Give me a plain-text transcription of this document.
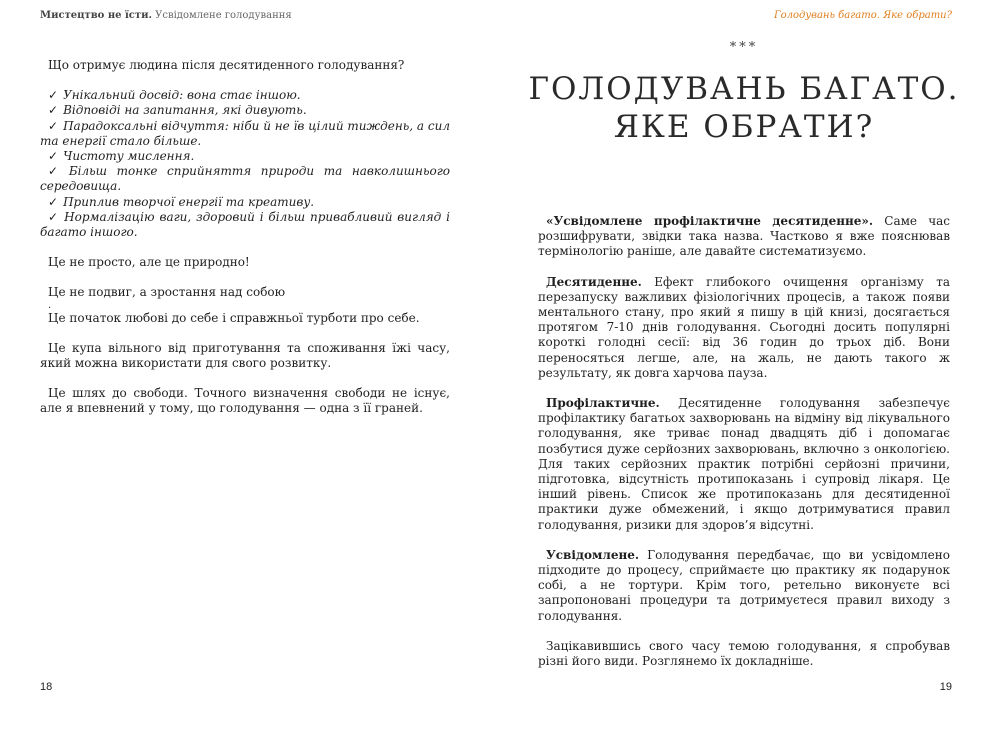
Мистецтво не їсти. Усвідомлене голодування

Що отримує людина після десятиденного голодування?

✓ Унікальний досвід: вона стає іншою.
✓ Відповіді на запитання, які дивують.
✓ Парадоксальні відчуття: ніби й не їв цілий тиждень, а сил та енергії стало більше.
✓ Чистоту мислення.
✓ Більш тонке сприйняття природи та навколишнього середовища.
✓ Приплив творчої енергії та креативу.
✓ Нормалізацію ваги, здоровий і більш привабливий вигляд і багато іншого.

Це не просто, але це природно!

Це не подвиг, а зростання над собою

.

Це початок любові до себе і справжньої турботи про себе.

Це купа вільного від приготування та споживання їжі часу, який можна використати для свого розвитку.

Це шлях до свободи. Точного визначення свободи не існує, але я впевнений у тому, що голодування — одна з її граней.

18
Голодувань багато. Яке обрати?
***
ГОЛОДУВАНЬ БАГАТО.
ЯКЕ ОБРАТИ?

«Усвідомлене профілактичне десятиденне». Саме час розшифрувати, звідки така назва. Частково я вже пояснював термінологію раніше, але давайте систематизуємо.

Десятиденне. Ефект глибокого очищення організму та перезапуску важливих фізіологічних процесів, а також появи ментального стану, про який я пишу в цій книзі, досягається протягом 7-10 днів голодування. Сьогодні досить популярні короткі голодні сесії: від 36 годин до трьох діб. Вони переносяться легше, але, на жаль, не дають такого ж результату, як довга харчова пауза.

Профілактичне. Десятиденне голодування забезпечує профілактику багатьох захворювань на відміну від лікувального голодування, яке триває понад двадцять діб і допомагає позбутися дуже серйозних захворювань, включно з онкологією. Для таких серйозних практик потрібні серйозні причини, підготовка, відсутність протипоказань і супровід лікаря. Це інший рівень. Список же протипоказань для десятиденної практики дуже обмежений, і якщо дотримуватися правил голодування, ризики для здоров’я відсутні.

Усвідомлене. Голодування передбачає, що ви усвідомлено підходите до процесу, сприймаєте цю практику як подарунок собі, а не тортури. Крім того, ретельно виконуєте всі запропоновані процедури та дотримуєтеся правил виходу з голодування.

Зацікавившись свого часу темою голодування, я спробував різні його види. Розглянемо їх докладніше.

19
